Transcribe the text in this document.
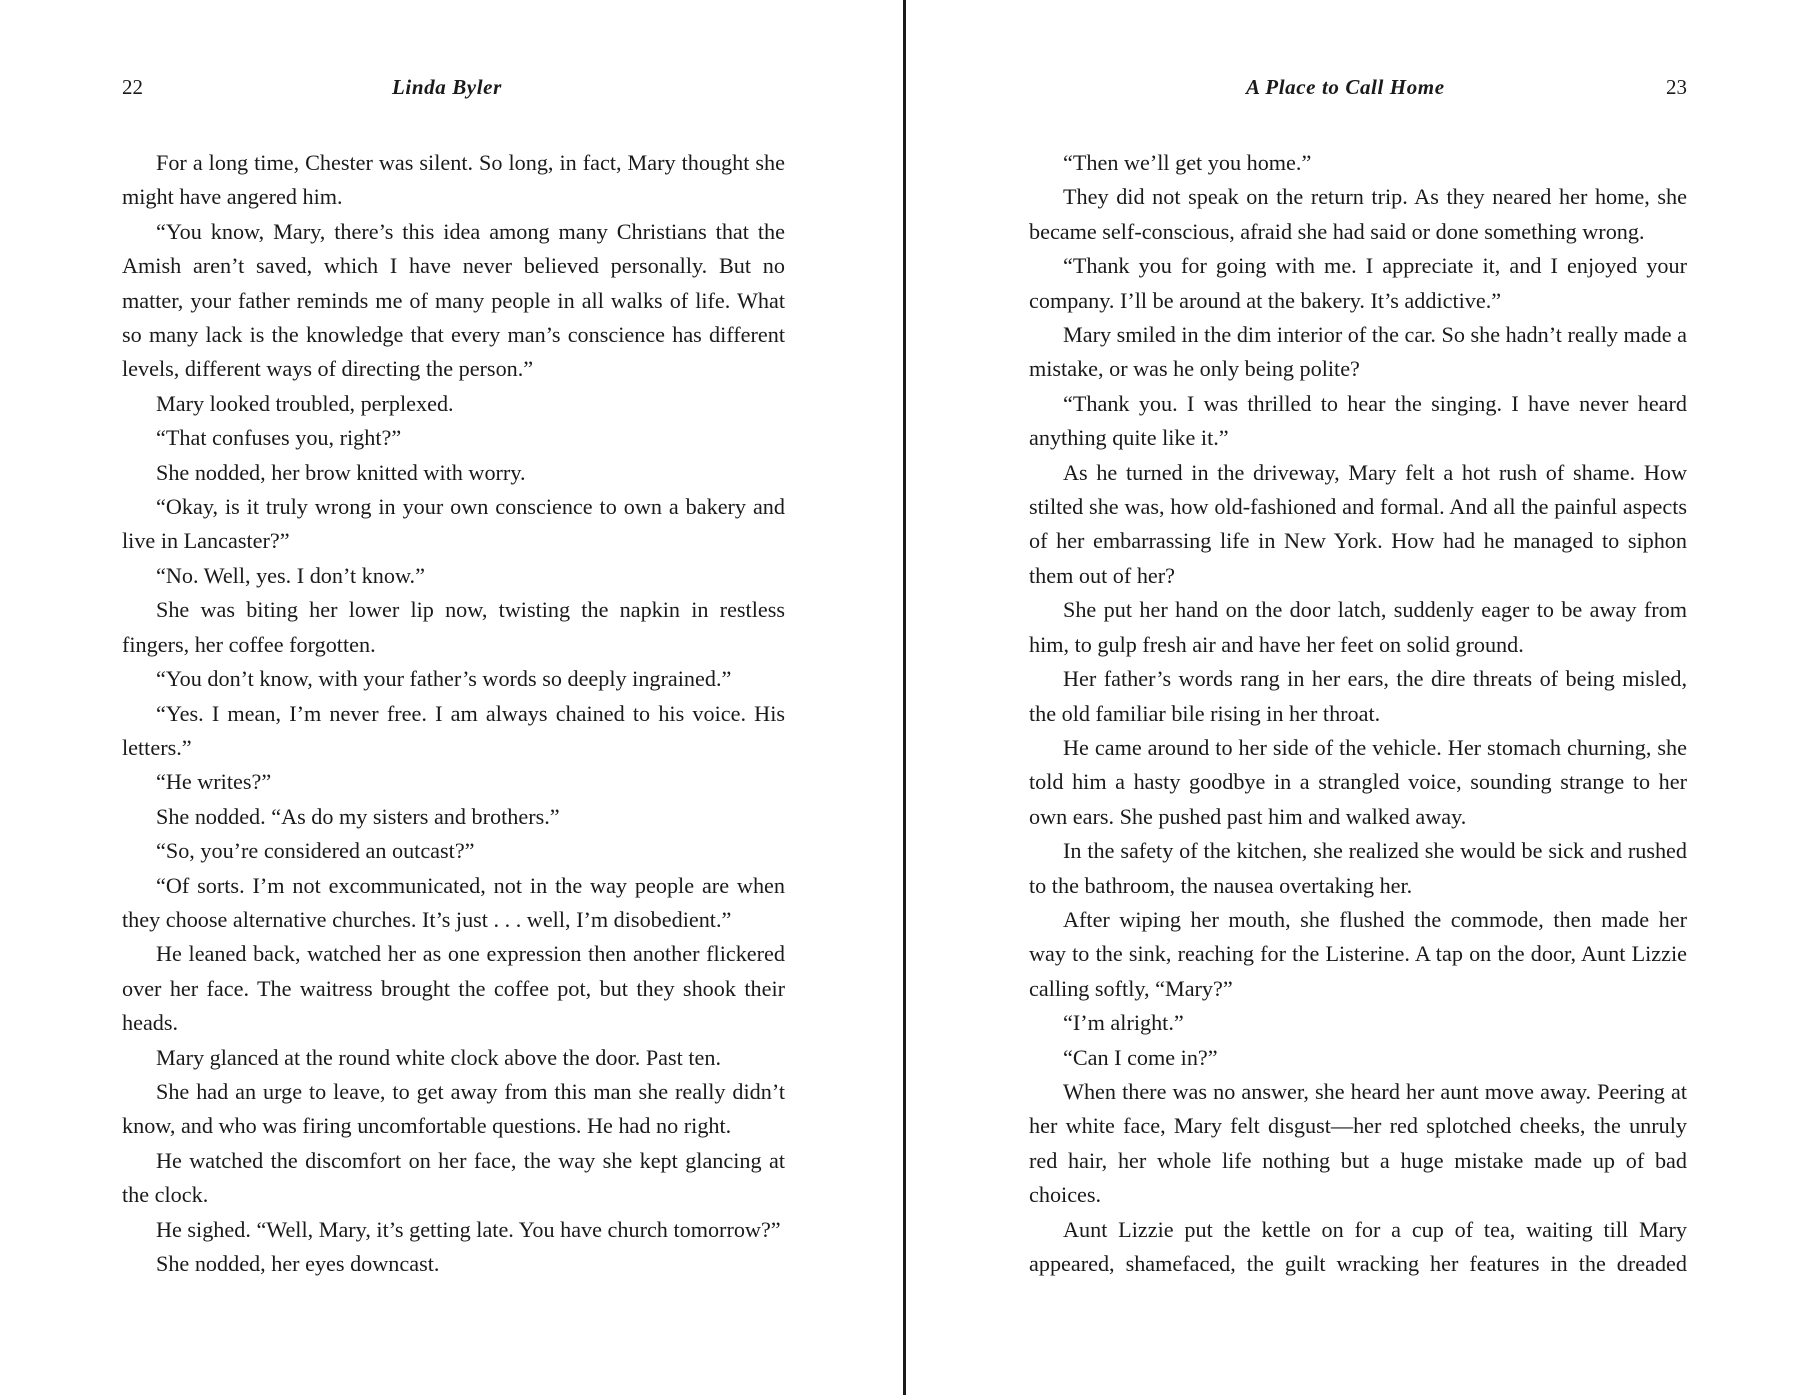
22	Linda Byler

For a long time, Chester was silent. So long, in fact, Mary thought she might have angered him.

“You know, Mary, there’s this idea among many Christians that the Amish aren’t saved, which I have never believed personally. But no matter, your father reminds me of many people in all walks of life. What so many lack is the knowledge that every man’s conscience has different levels, different ways of directing the person.”

Mary looked troubled, perplexed.

“That confuses you, right?”

She nodded, her brow knitted with worry.

“Okay, is it truly wrong in your own conscience to own a bakery and live in Lancaster?”

“No. Well, yes. I don’t know.”

She was biting her lower lip now, twisting the napkin in restless fingers, her coffee forgotten.

“You don’t know, with your father’s words so deeply ingrained.”

“Yes. I mean, I’m never free. I am always chained to his voice. His letters.”

“He writes?”

She nodded. “As do my sisters and brothers.”

“So, you’re considered an outcast?”

“Of sorts. I’m not excommunicated, not in the way people are when they choose alternative churches. It’s just . . . well, I’m disobedient.”

He leaned back, watched her as one expression then another flickered over her face. The waitress brought the coffee pot, but they shook their heads.

Mary glanced at the round white clock above the door. Past ten.

She had an urge to leave, to get away from this man she really didn’t know, and who was firing uncomfortable questions. He had no right.

He watched the discomfort on her face, the way she kept glancing at the clock.

He sighed. “Well, Mary, it’s getting late. You have church tomorrow?”

She nodded, her eyes downcast.

A Place to Call Home	23

“Then we’ll get you home.”

They did not speak on the return trip. As they neared her home, she became self-conscious, afraid she had said or done something wrong.

“Thank you for going with me. I appreciate it, and I enjoyed your company. I’ll be around at the bakery. It’s addictive.”

Mary smiled in the dim interior of the car. So she hadn’t really made a mistake, or was he only being polite?

“Thank you. I was thrilled to hear the singing. I have never heard anything quite like it.”

As he turned in the driveway, Mary felt a hot rush of shame. How stilted she was, how old-fashioned and formal. And all the painful aspects of her embarrassing life in New York. How had he managed to siphon them out of her?

She put her hand on the door latch, suddenly eager to be away from him, to gulp fresh air and have her feet on solid ground.

Her father’s words rang in her ears, the dire threats of being misled, the old familiar bile rising in her throat.

He came around to her side of the vehicle. Her stomach churning, she told him a hasty goodbye in a strangled voice, sounding strange to her own ears. She pushed past him and walked away.

In the safety of the kitchen, she realized she would be sick and rushed to the bathroom, the nausea overtaking her.

After wiping her mouth, she flushed the commode, then made her way to the sink, reaching for the Listerine. A tap on the door, Aunt Lizzie calling softly, “Mary?”

“I’m alright.”

“Can I come in?”

When there was no answer, she heard her aunt move away. Peering at her white face, Mary felt disgust—her red splotched cheeks, the unruly red hair, her whole life nothing but a huge mistake made up of bad choices.

Aunt Lizzie put the kettle on for a cup of tea, waiting till Mary appeared, shamefaced, the guilt wracking her features in the dreaded
